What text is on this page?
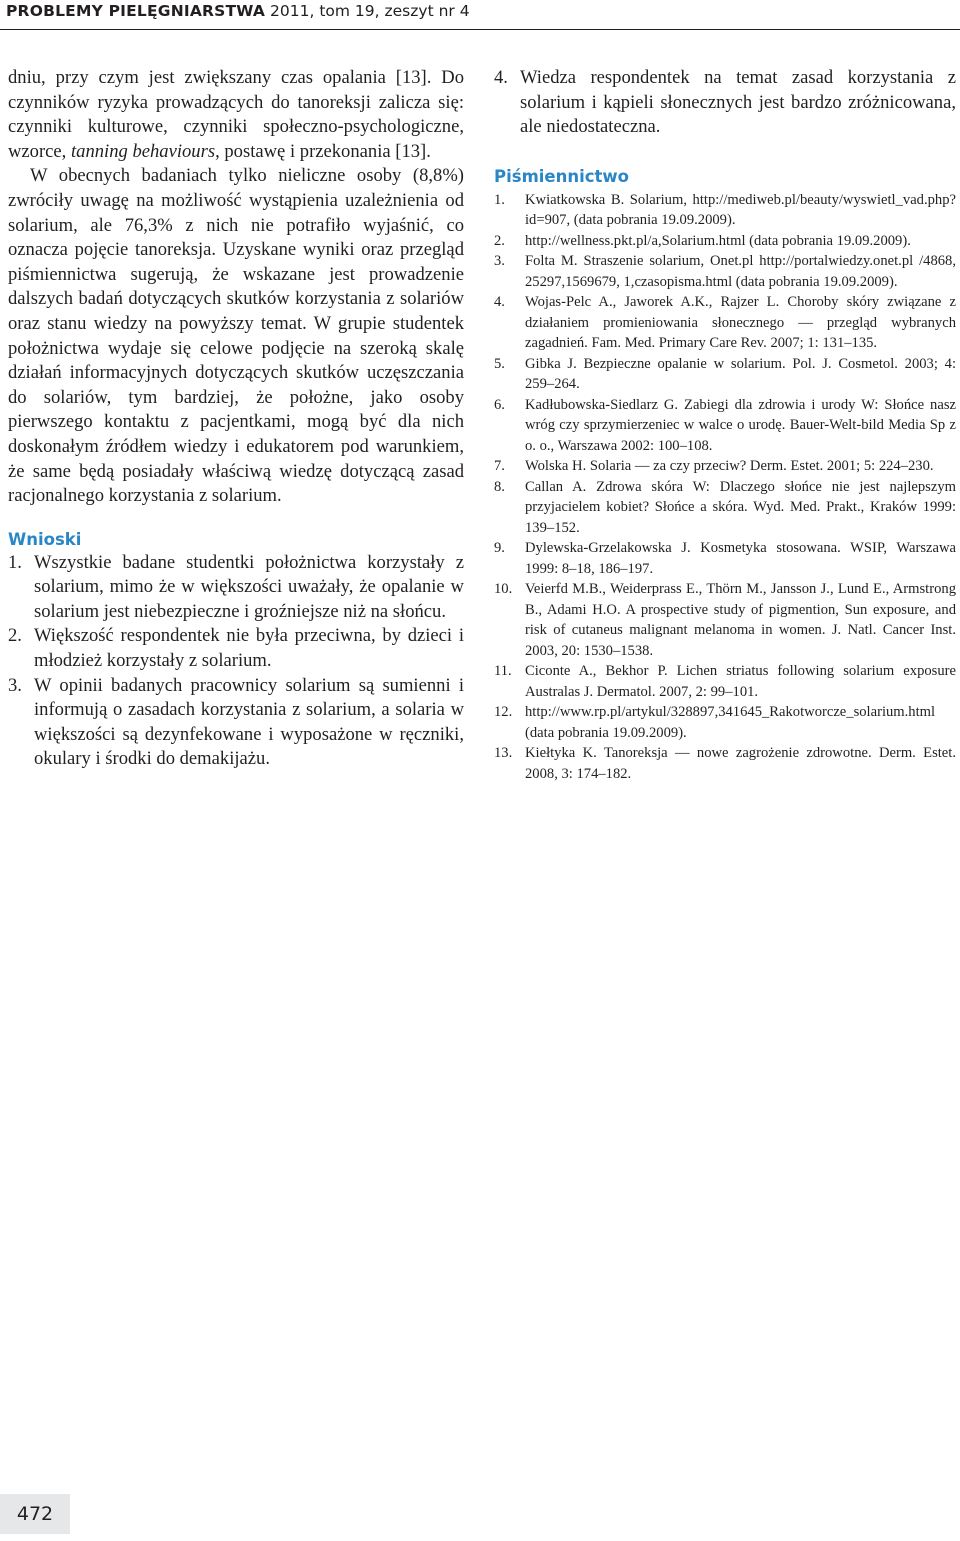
PROBLEMY PIELĘGNIARSTWA 2011, tom 19, zeszyt nr 4

dniu, przy czym jest zwiększany czas opalania [13]. Do czynników ryzyka prowadzących do tanoreksji zalicza się: czynniki kulturowe, czynniki społeczno-psychologiczne, wzorce, tanning behaviours, postawę i przekonania [13].

W obecnych badaniach tylko nieliczne osoby (8,8%) zwróciły uwagę na możliwość wystąpienia uzależnienia od solarium, ale 76,3% z nich nie potrafiło wyjaśnić, co oznacza pojęcie tanoreksja. Uzyskane wyniki oraz przegląd piśmiennictwa sugerują, że wskazane jest prowadzenie dalszych badań dotyczących skutków korzystania z solariów oraz stanu wiedzy na powyższy temat. W grupie studentek położnictwa wydaje się celowe podjęcie na szeroką skalę działań informacyjnych dotyczących skutków uczęszczania do solariów, tym bardziej, że położne, jako osoby pierwszego kontaktu z pacjentkami, mogą być dla nich doskonałym źródłem wiedzy i edukatorem pod warunkiem, że same będą posiadały właściwą wiedzę dotyczącą zasad racjonalnego korzystania z solarium.

Wnioski
1. Wszystkie badane studentki położnictwa korzystały z solarium, mimo że w większości uważały, że opalanie w solarium jest niebezpieczne i groźniejsze niż na słońcu.
2. Większość respondentek nie była przeciwna, by dzieci i młodzież korzystały z solarium.
3. W opinii badanych pracownicy solarium są sumienni i informują o zasadach korzystania z solarium, a solaria w większości są dezynfekowane i wyposażone w ręczniki, okulary i środki do demakijażu.
4. Wiedza respondentek na temat zasad korzystania z solarium i kąpieli słonecznych jest bardzo zróżnicowana, ale niedostateczna.
Piśmiennictwo
1. Kwiatkowska B. Solarium, http://mediweb.pl/beauty/wyswietl_vad.php?id=907, (data pobrania 19.09.2009).
2. http://wellness.pkt.pl/a,Solarium.html (data pobrania 19.09.2009).
3. Folta M. Straszenie solarium, Onet.pl http://portalwiedzy.onet.pl /4868, 25297,1569679, 1,czasopisma.html (data pobrania 19.09.2009).
4. Wojas-Pelc A., Jaworek A.K., Rajzer L. Choroby skóry związane z działaniem promieniowania słonecznego — przegląd wybranych zagadnień. Fam. Med. Primary Care Rev. 2007; 1: 131–135.
5. Gibka J. Bezpieczne opalanie w solarium. Pol. J. Cosmetol. 2003; 4: 259–264.
6. Kadłubowska-Siedlarz G. Zabiegi dla zdrowia i urody W: Słońce nasz wróg czy sprzymierzeniec w walce o urodę. Bauer-Welt-bild Media Sp z o. o., Warszawa 2002: 100–108.
7. Wolska H. Solaria — za czy przeciw? Derm. Estet. 2001; 5: 224–230.
8. Callan A. Zdrowa skóra W: Dlaczego słońce nie jest najlepszym przyjacielem kobiet? Słońce a skóra. Wyd. Med. Prakt., Kraków 1999: 139–152.
9. Dylewska-Grzelakowska J. Kosmetyka stosowana. WSIP, Warszawa 1999: 8–18, 186–197.
10. Veierfd M.B., Weiderprass E., Thörn M., Jansson J., Lund E., Armstrong B., Adami H.O. A prospective study of pigmention, Sun exposure, and risk of cutaneus malignant melanoma in women. J. Natl. Cancer Inst. 2003, 20: 1530–1538.
11. Ciconte A., Bekhor P. Lichen striatus following solarium exposure Australas J. Dermatol. 2007, 2: 99–101.
12. http://www.rp.pl/artykul/328897,341645_Rakotworcze_solarium.html (data pobrania 19.09.2009).
13. Kiełtyka K. Tanoreksja — nowe zagrożenie zdrowotne. Derm. Estet. 2008, 3: 174–182.
472
